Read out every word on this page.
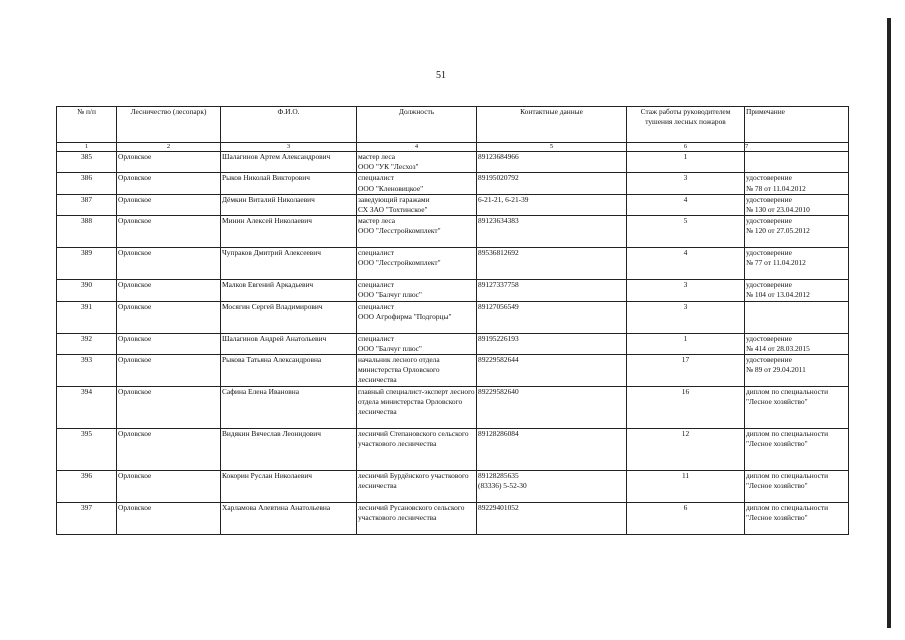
51
№ п/п	Лесничество (лесопарк)	Ф.И.О.	Должность	Контактные данные	Стаж работы руководителем тушения лесных пожаров	Примечание
1	2	3	4	5	6	7
385	Орловское	Шалагинов Артем Александрович	мастер леса
ООО "УК "Лесхоз"	89123684966	1	
386	Орловское	Рыков Николай Викторович	специалист
ООО "Кленовицкое"	89195020792	3	удостоверение
№ 78 от 11.04.2012
387	Орловское	Дёмкин Виталий Николаевич	заведующий гаражами
СХ ЗАО "Тохтинское"	6-21-21, 6-21-39	4	удостоверение
№ 130 от 23.04.2010
388	Орловское	Минин Алексей Николаевич	мастер леса
ООО "Лесстройкомплект"	89123634383	5	удостоверение
№ 120 от 27.05.2012
389	Орловское	Чупраков Дмитрий Алексеевич	специалист
ООО "Лесстройкомплект"	89536812692	4	удостоверение
№ 77 от 11.04.2012
390	Орловское	Малков Евгений Аркадьевич	специалист
ООО "Балчуг плюс"	89127337758	3	удостоверение
№ 104 от 13.04.2012
391	Орловское	Мосягин Сергей Владимирович	специалист
ООО Агрофирма "Подгорцы"	89127056549	3	
392	Орловское	Шалагинов Андрей Анатольевич	специалист
ООО "Балчуг плюс"	89195226193	1	удостоверение
№ 414 от 28.03.2015
393	Орловское	Рыкова Татьяна Александровна	начальник лесного отдела министерства Орловского лесничества	89229582644	17	удостоверение
№ 89 от 29.04.2011
394	Орловское	Сафина Елена Ивановна	главный специалист-эксперт лесного отдела министерства Орловского лесничества	89229582640	16	диплом по специальности "Лесное хозяйство"
395	Орловское	Видякин Вячеслав Леонидович	лесничий Степановского сельского участкового лесничества	89128286084	12	диплом по специальности "Лесное хозяйство"
396	Орловское	Кокорин Руслан Николаевич	лесничий Бурдёнского участкового лесничества	89128285635
(83336) 5-52-30	11	диплом по специальности "Лесное хозяйство"
397	Орловское	Харламова Алевтина Анатольевна	лесничий Русановского сельского участкового лесничества	89229401052	6	диплом по специальности "Лесное хозяйство"
